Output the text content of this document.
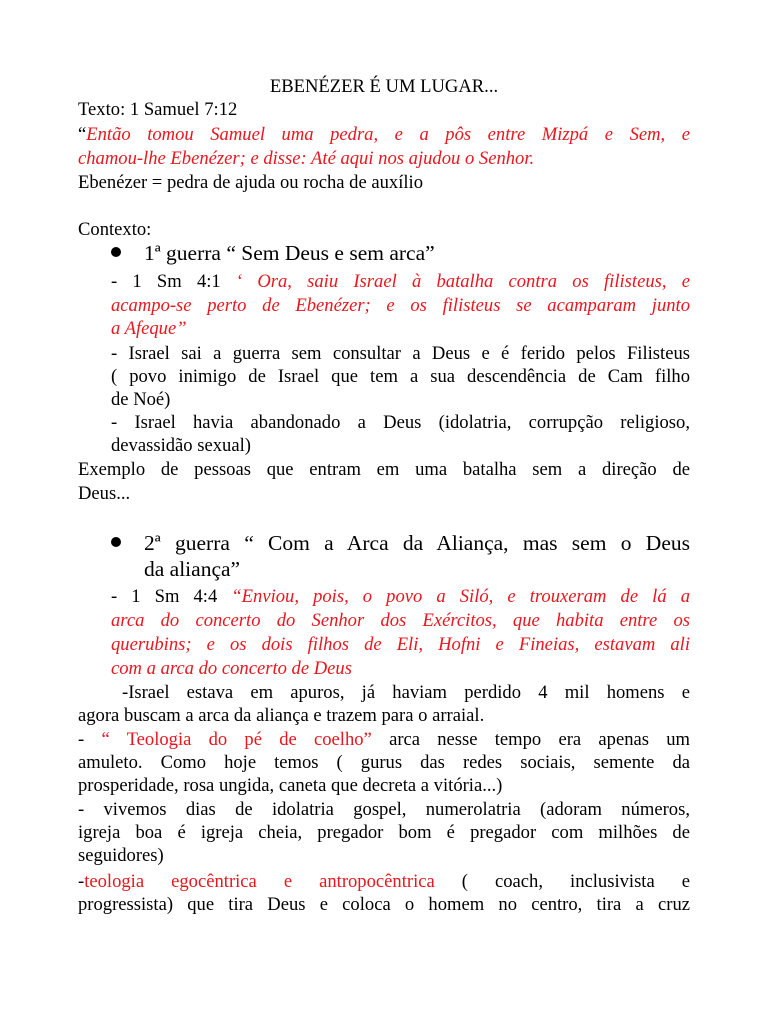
EBENÉZER É UM LUGAR...
Texto: 1 Samuel 7:12
“Então tomou Samuel uma pedra, e a pôs entre Mizpá e Sem, e
chamou-lhe Ebenézer; e disse: Até aqui nos ajudou o Senhor.
Ebenézer = pedra de ajuda ou rocha de auxílio
Contexto:
1ª guerra “ Sem Deus e sem arca”
- 1 Sm 4:1 ‘ Ora, saiu Israel à batalha contra os filisteus, e
acampo-se perto de Ebenézer; e os filisteus se acamparam junto
a Afeque”
- Israel sai a guerra sem consultar a Deus e é ferido pelos Filisteus
( povo inimigo de Israel que tem a sua descendência de Cam filho
de Noé)
- Israel havia abandonado a Deus (idolatria, corrupção religioso,
devassidão sexual)
Exemplo de pessoas que entram em uma batalha sem a direção de
Deus...
2ª guerra “ Com a Arca da Aliança, mas sem o Deus
da aliança”
- 1 Sm 4:4 “Enviou, pois, o povo a Siló, e trouxeram de lá a
arca do concerto do Senhor dos Exércitos, que habita entre os
querubins; e os dois filhos de Eli, Hofni e Fineias, estavam ali
com a arca do concerto de Deus
-Israel estava em apuros, já haviam perdido 4 mil homens e
agora buscam a arca da aliança e trazem para o arraial.
- “ Teologia do pé de coelho” arca nesse tempo era apenas um
amuleto. Como hoje temos ( gurus das redes sociais, semente da
prosperidade, rosa ungida, caneta que decreta a vitória...)
- vivemos dias de idolatria gospel, numerolatria (adoram números,
igreja boa é igreja cheia, pregador bom é pregador com milhões de
seguidores)
-teologia egocêntrica e antropocêntrica ( coach, inclusivista e
progressista) que tira Deus e coloca o homem no centro, tira a cruz
